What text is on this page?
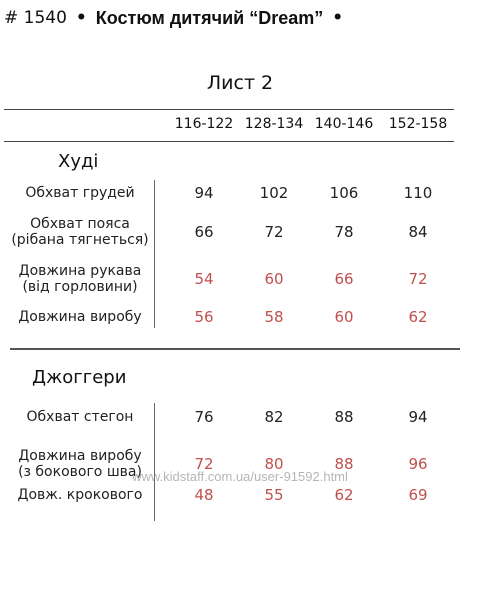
# 1540 • Костюм дитячий “Dream” •
Лист 2
116-122 128-134 140-146	152-158
Худі
Обхват грудей	94	102	106	110
Обхват пояса
(рібана тягнеться)	66	72	78	84
Довжина рукава
(від горловини)	54	60	66	72
Довжина виробу	56	58	60	62
Джоггери
Обхват стегон	76	82	88	94
Довжина виробу
(з бокового шва)	72	80	88	96
Довж. крокового	48	55	62	69
www.kidstaff.com.ua/user-91592.html
